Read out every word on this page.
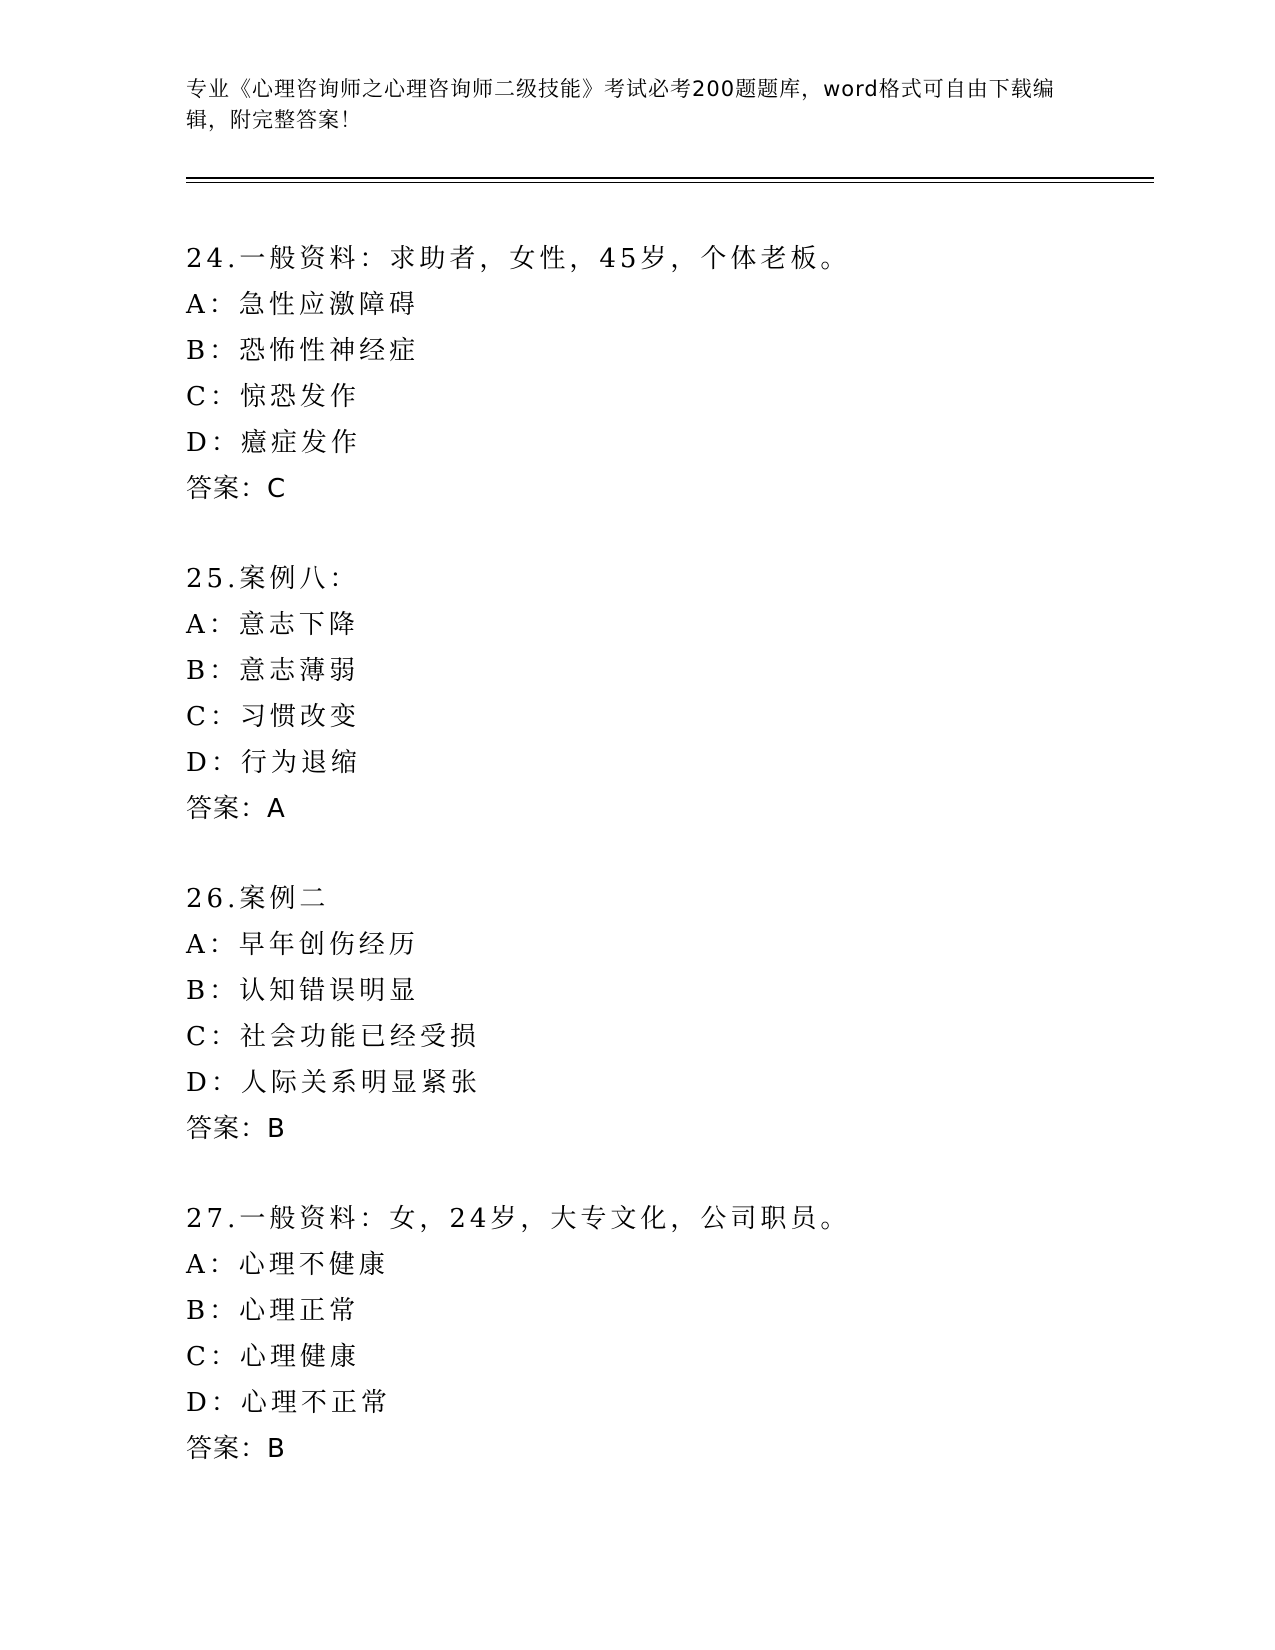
专业《心理咨询师之心理咨询师二级技能》考试必考200题题库，word格式可自由下载编辑，附完整答案！
24.一般资料：求助者，女性，45岁，个体老板。
A：急性应激障碍
B：恐怖性神经症
C：惊恐发作
D：癔症发作
答案：C
25.案例八：
A：意志下降
B：意志薄弱
C：习惯改变
D：行为退缩
答案：A
26.案例二
A：早年创伤经历
B：认知错误明显
C：社会功能已经受损
D：人际关系明显紧张
答案：B
27.一般资料：女，24岁，大专文化，公司职员。
A：心理不健康
B：心理正常
C：心理健康
D：心理不正常
答案：B
